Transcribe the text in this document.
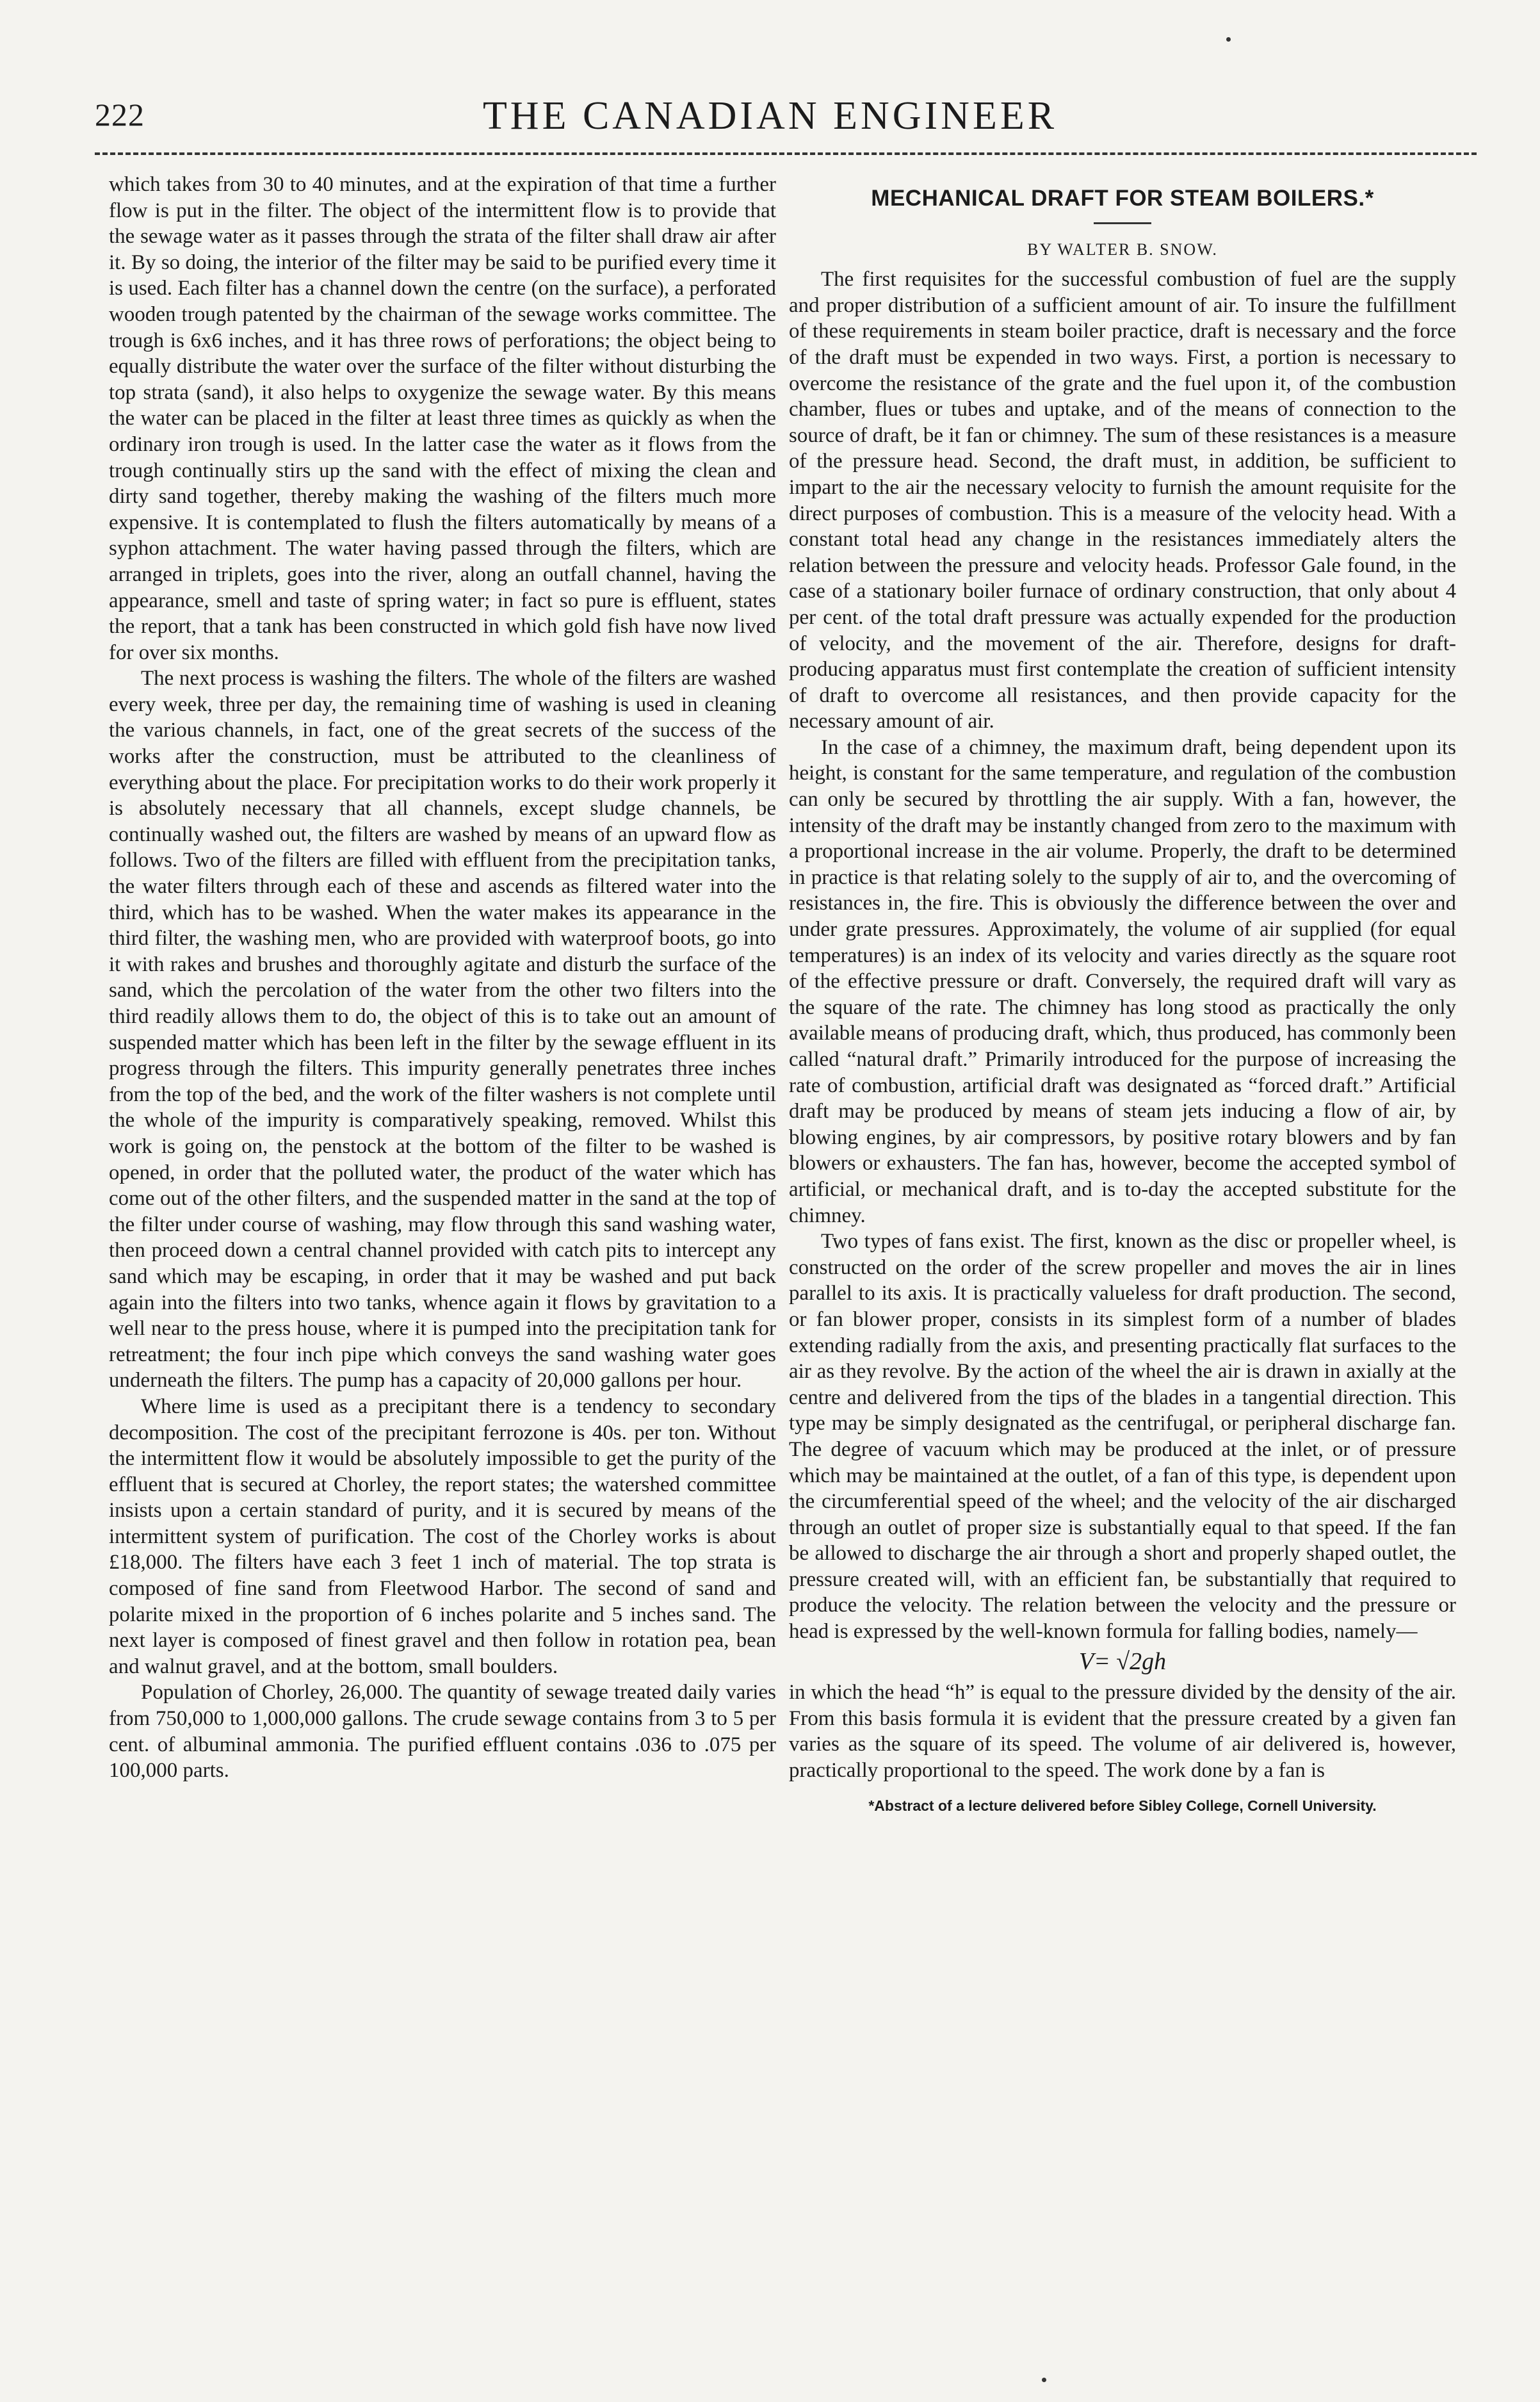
222	THE CANADIAN ENGINEER

which takes from 30 to 40 minutes, and at the expiration of that time a further flow is put in the filter. The object of the intermittent flow is to provide that the sewage water as it passes through the strata of the filter shall draw air after it. By so doing, the interior of the filter may be said to be purified every time it is used. Each filter has a channel down the centre (on the surface), a perforated wooden trough patented by the chairman of the sewage works committee. The trough is 6x6 inches, and it has three rows of perforations; the object being to equally distribute the water over the surface of the filter without disturbing the top strata (sand), it also helps to oxygenize the sewage water. By this means the water can be placed in the filter at least three times as quickly as when the ordinary iron trough is used. In the latter case the water as it flows from the trough continually stirs up the sand with the effect of mixing the clean and dirty sand together, thereby making the washing of the filters much more expensive. It is contemplated to flush the filters automatically by means of a syphon attachment. The water having passed through the filters, which are arranged in triplets, goes into the river, along an outfall channel, having the appearance, smell and taste of spring water; in fact so pure is effluent, states the report, that a tank has been constructed in which gold fish have now lived for over six months.

The next process is washing the filters. The whole of the filters are washed every week, three per day, the remaining time of washing is used in cleaning the various channels, in fact, one of the great secrets of the success of the works after the construction, must be attributed to the cleanliness of everything about the place. For precipitation works to do their work properly it is absolutely necessary that all channels, except sludge channels, be continually washed out, the filters are washed by means of an upward flow as follows. Two of the filters are filled with effluent from the precipitation tanks, the water filters through each of these and ascends as filtered water into the third, which has to be washed. When the water makes its appearance in the third filter, the washing men, who are provided with waterproof boots, go into it with rakes and brushes and thoroughly agitate and disturb the surface of the sand, which the percolation of the water from the other two filters into the third readily allows them to do, the object of this is to take out an amount of suspended matter which has been left in the filter by the sewage effluent in its progress through the filters. This impurity generally penetrates three inches from the top of the bed, and the work of the filter washers is not complete until the whole of the impurity is comparatively speaking, removed. Whilst this work is going on, the penstock at the bottom of the filter to be washed is opened, in order that the polluted water, the product of the water which has come out of the other filters, and the suspended matter in the sand at the top of the filter under course of washing, may flow through this sand washing water, then proceed down a central channel provided with catch pits to intercept any sand which may be escaping, in order that it may be washed and put back again into the filters into two tanks, whence again it flows by gravitation to a well near to the press house, where it is pumped into the precipitation tank for retreatment; the four inch pipe which conveys the sand washing water goes underneath the filters. The pump has a capacity of 20,000 gallons per hour.

Where lime is used as a precipitant there is a tendency to secondary decomposition. The cost of the precipitant ferrozone is 40s. per ton. Without the intermittent flow it would be absolutely impossible to get the purity of the effluent that is secured at Chorley, the report states; the watershed committee insists upon a certain standard of purity, and it is secured by means of the intermittent system of purification. The cost of the Chorley works is about £18,000. The filters have each 3 feet 1 inch of material. The top strata is composed of fine sand from Fleetwood Harbor. The second of sand and polarite mixed in the proportion of 6 inches polarite and 5 inches sand. The next layer is composed of finest gravel and then follow in rotation pea, bean and walnut gravel, and at the bottom, small boulders.

Population of Chorley, 26,000. The quantity of sewage treated daily varies from 750,000 to 1,000,000 gallons. The crude sewage contains from 3 to 5 per cent. of albuminal ammonia. The purified effluent contains .036 to .075 per 100,000 parts.

MECHANICAL DRAFT FOR STEAM BOILERS.*
BY WALTER B. SNOW.

The first requisites for the successful combustion of fuel are the supply and proper distribution of a sufficient amount of air. To insure the fulfillment of these requirements in steam boiler practice, draft is necessary and the force of the draft must be expended in two ways. First, a portion is necessary to overcome the resistance of the grate and the fuel upon it, of the combustion chamber, flues or tubes and uptake, and of the means of connection to the source of draft, be it fan or chimney. The sum of these resistances is a measure of the pressure head. Second, the draft must, in addition, be sufficient to impart to the air the necessary velocity to furnish the amount requisite for the direct purposes of combustion. This is a measure of the velocity head. With a constant total head any change in the resistances immediately alters the relation between the pressure and velocity heads. Professor Gale found, in the case of a stationary boiler furnace of ordinary construction, that only about 4 per cent. of the total draft pressure was actually expended for the production of velocity, and the movement of the air. Therefore, designs for draft-producing apparatus must first contemplate the creation of sufficient intensity of draft to overcome all resistances, and then provide capacity for the necessary amount of air.

In the case of a chimney, the maximum draft, being dependent upon its height, is constant for the same temperature, and regulation of the combustion can only be secured by throttling the air supply. With a fan, however, the intensity of the draft may be instantly changed from zero to the maximum with a proportional increase in the air volume. Properly, the draft to be determined in practice is that relating solely to the supply of air to, and the overcoming of resistances in, the fire. This is obviously the difference between the over and under grate pressures. Approximately, the volume of air supplied (for equal temperatures) is an index of its velocity and varies directly as the square root of the effective pressure or draft. Conversely, the required draft will vary as the square of the rate. The chimney has long stood as practically the only available means of producing draft, which, thus produced, has commonly been called “natural draft.” Primarily introduced for the purpose of increasing the rate of combustion, artificial draft was designated as “forced draft.” Artificial draft may be produced by means of steam jets inducing a flow of air, by blowing engines, by air compressors, by positive rotary blowers and by fan blowers or exhausters. The fan has, however, become the accepted symbol of artificial, or mechanical draft, and is to-day the accepted substitute for the chimney.

Two types of fans exist. The first, known as the disc or propeller wheel, is constructed on the order of the screw propeller and moves the air in lines parallel to its axis. It is practically valueless for draft production. The second, or fan blower proper, consists in its simplest form of a number of blades extending radially from the axis, and presenting practically flat surfaces to the air as they revolve. By the action of the wheel the air is drawn in axially at the centre and delivered from the tips of the blades in a tangential direction. This type may be simply designated as the centrifugal, or peripheral discharge fan. The degree of vacuum which may be produced at the inlet, or of pressure which may be maintained at the outlet, of a fan of this type, is dependent upon the circumferential speed of the wheel; and the velocity of the air discharged through an outlet of proper size is substantially equal to that speed. If the fan be allowed to discharge the air through a short and properly shaped outlet, the pressure created will, with an efficient fan, be substantially that required to produce the velocity. The relation between the velocity and the pressure or head is expressed by the well-known formula for falling bodies, namely—

V= √2gh

in which the head “h” is equal to the pressure divided by the density of the air. From this basis formula it is evident that the pressure created by a given fan varies as the square of its speed. The volume of air delivered is, however, practically proportional to the speed. The work done by a fan is

*Abstract of a lecture delivered before Sibley College, Cornell University.
